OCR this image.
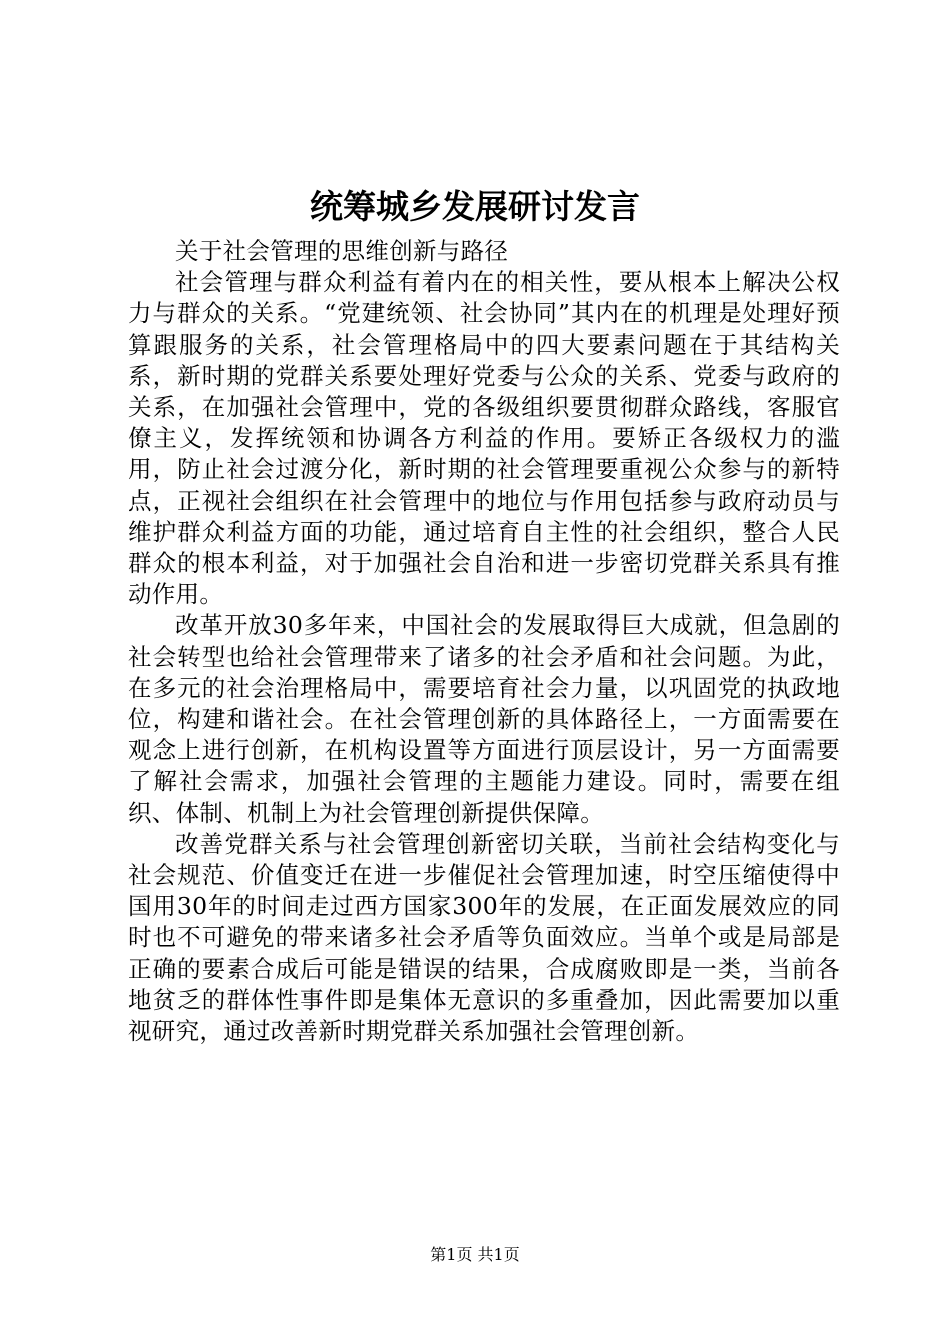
统筹城乡发展研讨发言

关于社会管理的思维创新与路径

社会管理与群众利益有着内在的相关性，要从根本上解决公权力与群众的关系。“党建统领、社会协同”其内在的机理是处理好预算跟服务的关系，社会管理格局中的四大要素问题在于其结构关系，新时期的党群关系要处理好党委与公众的关系、党委与政府的关系，在加强社会管理中，党的各级组织要贯彻群众路线，客服官僚主义，发挥统领和协调各方利益的作用。要矫正各级权力的滥用，防止社会过渡分化，新时期的社会管理要重视公众参与的新特点，正视社会组织在社会管理中的地位与作用包括参与政府动员与维护群众利益方面的功能，通过培育自主性的社会组织，整合人民群众的根本利益，对于加强社会自治和进一步密切党群关系具有推动作用。

改革开放30多年来，中国社会的发展取得巨大成就，但急剧的社会转型也给社会管理带来了诸多的社会矛盾和社会问题。为此，在多元的社会治理格局中，需要培育社会力量，以巩固党的执政地位，构建和谐社会。在社会管理创新的具体路径上，一方面需要在观念上进行创新，在机构设置等方面进行顶层设计，另一方面需要了解社会需求，加强社会管理的主题能力建设。同时，需要在组织、体制、机制上为社会管理创新提供保障。

改善党群关系与社会管理创新密切关联，当前社会结构变化与社会规范、价值变迁在进一步催促社会管理加速，时空压缩使得中国用30年的时间走过西方国家300年的发展，在正面发展效应的同时也不可避免的带来诸多社会矛盾等负面效应。当单个或是局部是正确的要素合成后可能是错误的结果，合成腐败即是一类，当前各地贫乏的群体性事件即是集体无意识的多重叠加，因此需要加以重视研究，通过改善新时期党群关系加强社会管理创新。

第1页 共1页
